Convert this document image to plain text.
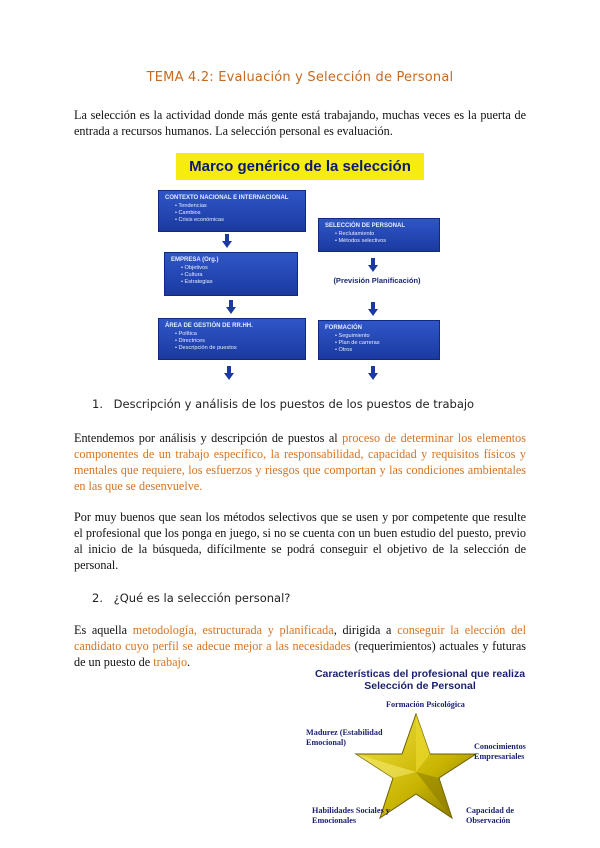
TEMA 4.2: Evaluación y Selección de Personal

La selección es la actividad donde más gente está trabajando, muchas veces es la puerta de entrada a recursos humanos. La selección personal es evaluación.

Marco genérico de la selección
CONTEXTO NACIONAL E INTERNACIONAL
• Tendencias
• Cambios
• Crisis económicas
SELECCIÓN DE PERSONAL
• Reclutamiento
• Métodos selectivos
EMPRESA (Org.)
• Objetivos
• Cultura
• Estrategias	(Previsión Planificación)
ÁREA DE GESTIÓN DE RR.HH.
• Política
• Directrices
• Descripción de puestos
FORMACIÓN
• Seguimiento
• Plan de carreras
• Otros
1. Descripción y análisis de los puestos de los puestos de trabajo

Entendemos por análisis y descripción de puestos al proceso de determinar los elementos componentes de un trabajo específico, la responsabilidad, capacidad y requisitos físicos y mentales que requiere, los esfuerzos y riesgos que comportan y las condiciones ambientales en las que se desenvuelve.

Por muy buenos que sean los métodos selectivos que se usen y por competente que resulte el profesional que los ponga en juego, si no se cuenta con un buen estudio del puesto, previo al inicio de la búsqueda, difícilmente se podrá conseguir el objetivo de la selección de personal.

2. ¿Qué es la selección personal?

Es aquella metodología, estructurada y planificada, dirigida a conseguir la elección del candidato cuyo perfil se adecue mejor a las necesidades (requerimientos) actuales y futuras de un puesto de trabajo.

Características del profesional que realiza Selección de Personal
Formación Psicológica
Madurez (Estabilidad Emocional)	Conocimientos Empresariales
Habilidades Sociales y Emocionales
Capacidad de Observación
